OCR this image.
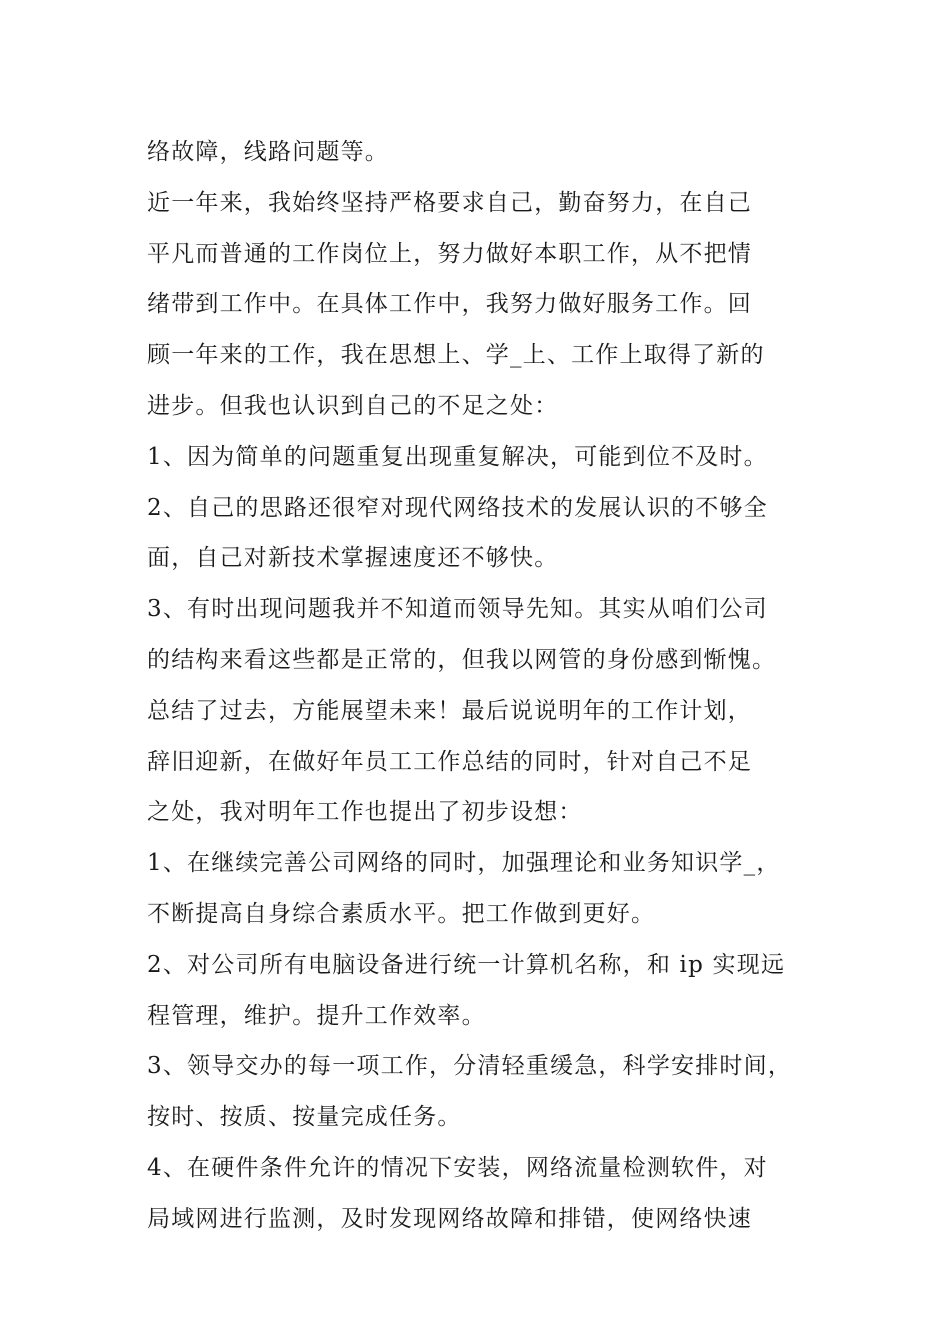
络故障，线路问题等。
近一年来，我始终坚持严格要求自己，勤奋努力，在自己
平凡而普通的工作岗位上，努力做好本职工作，从不把情
绪带到工作中。在具体工作中，我努力做好服务工作。回
顾一年来的工作，我在思想上、学_上、工作上取得了新的
进步。但我也认识到自己的不足之处：
1、因为简单的问题重复出现重复解决，可能到位不及时。
2、自己的思路还很窄对现代网络技术的发展认识的不够全
面，自己对新技术掌握速度还不够快。
3、有时出现问题我并不知道而领导先知。其实从咱们公司
的结构来看这些都是正常的，但我以网管的身份感到惭愧。
总结了过去，方能展望未来！最后说说明年的工作计划，
辞旧迎新，在做好年员工工作总结的同时，针对自己不足
之处，我对明年工作也提出了初步设想：
1、在继续完善公司网络的同时，加强理论和业务知识学_，
不断提高自身综合素质水平。把工作做到更好。
2、对公司所有电脑设备进行统一计算机名称，和 ip 实现远
程管理，维护。提升工作效率。
3、领导交办的每一项工作，分清轻重缓急，科学安排时间，
按时、按质、按量完成任务。
4、在硬件条件允许的情况下安装，网络流量检测软件，对
局域网进行监测，及时发现网络故障和排错，使网络快速
